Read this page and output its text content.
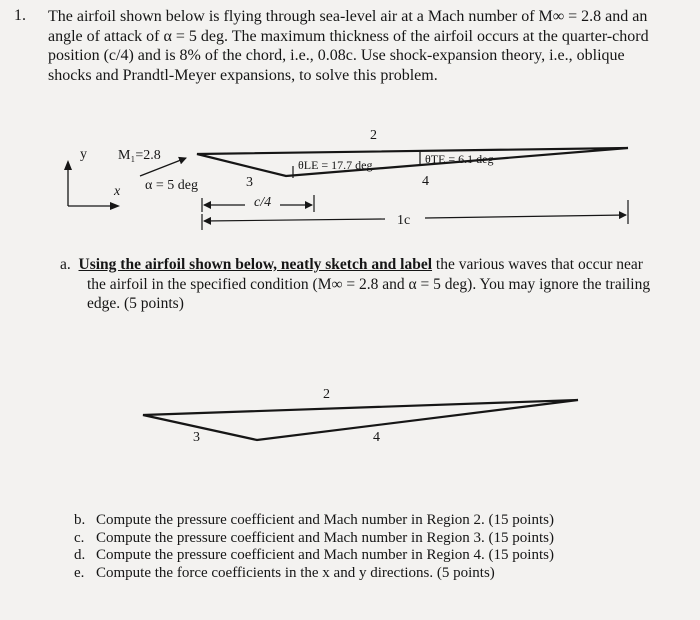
1. The airfoil shown below is flying through sea-level air at a Mach number of M∞ = 2.8 and an
angle of attack of α = 5 deg. The maximum thickness of the airfoil occurs at the quarter-chord
position (c/4) and is 8% of the chord, i.e., 0.08c. Use shock-expansion theory, i.e., oblique
shocks and Prandtl-Meyer expansions, to solve this problem.
y
x
M₁=2.8
α = 5 deg
2
3	4
θLE = 17.7 deg	θTE = 6.1 deg
c/4
1c
a. Using the airfoil shown below, neatly sketch and label the various waves that occur near
the airfoil in the specified condition (M∞ = 2.8 and α = 5 deg). You may ignore the trailing
edge. (5 points)
2
3	4
b. Compute the pressure coefficient and Mach number in Region 2. (15 points)
c. Compute the pressure coefficient and Mach number in Region 3. (15 points)
d. Compute the pressure coefficient and Mach number in Region 4. (15 points)
e. Compute the force coefficients in the x and y directions. (5 points)
